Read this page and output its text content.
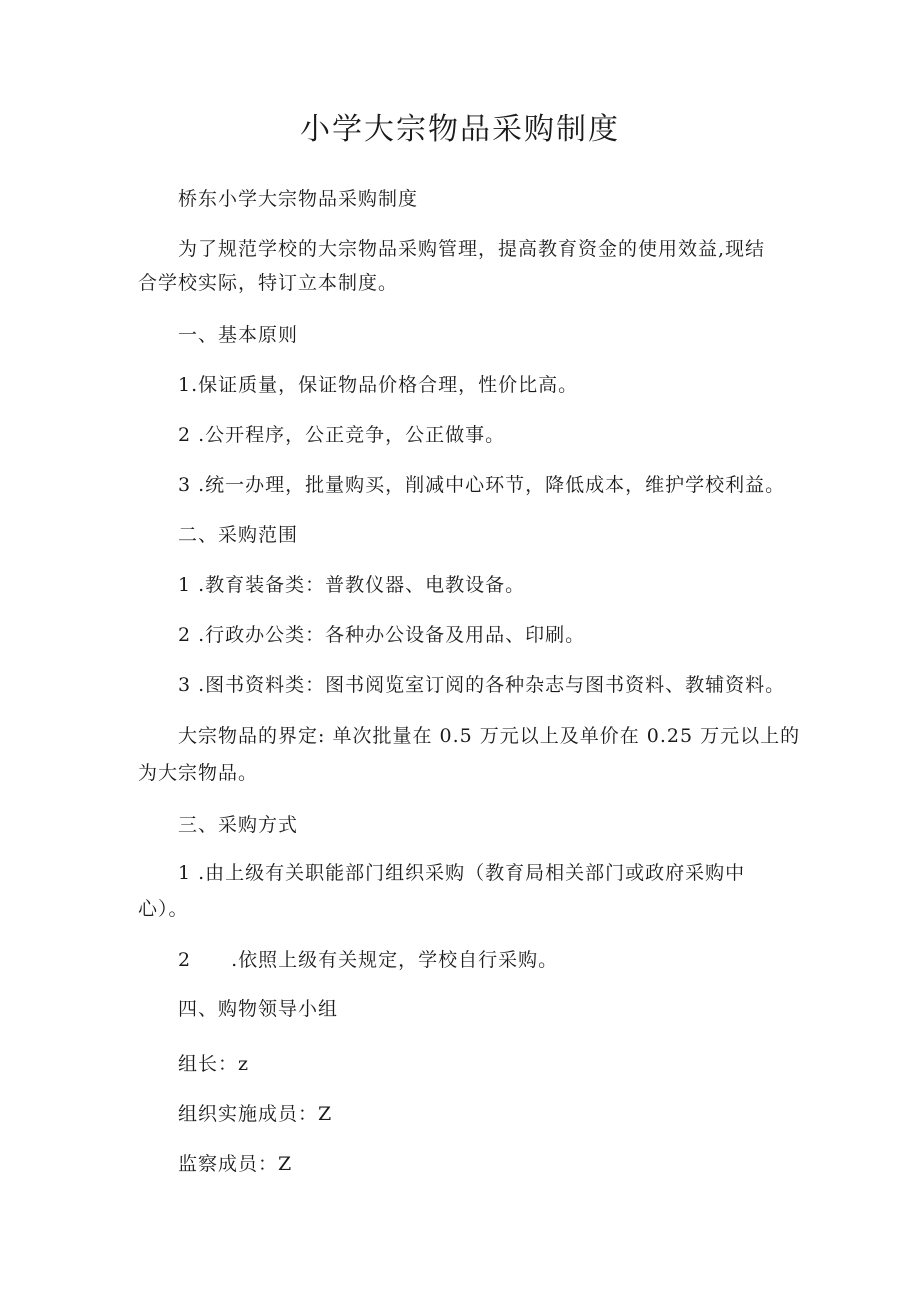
小学大宗物品采购制度

桥东小学大宗物品采购制度

为了规范学校的大宗物品采购管理，提高教育资金的使用效益,现结

合学校实际，特订立本制度。

一、基本原则

1.保证质量，保证物品价格合理，性价比高。

2 .公开程序，公正竞争，公正做事。

3 .统一办理，批量购买，削减中心环节，降低成本，维护学校利益。

二、采购范围

1 .教育装备类：普教仪器、电教设备。

2 .行政办公类：各种办公设备及用品、印刷。

3 .图书资料类：图书阅览室订阅的各种杂志与图书资料、教辅资料。

大宗物品的界定: 单次批量在 0.5 万元以上及单价在 0.25 万元以上的

为大宗物品。

三、采购方式

1 .由上级有关职能部门组织采购（教育局相关部门或政府采购中

心）。

2　　.依照上级有关规定，学校自行采购。

四、购物领导小组

组长：z

组织实施成员：Z

监察成员：Z
